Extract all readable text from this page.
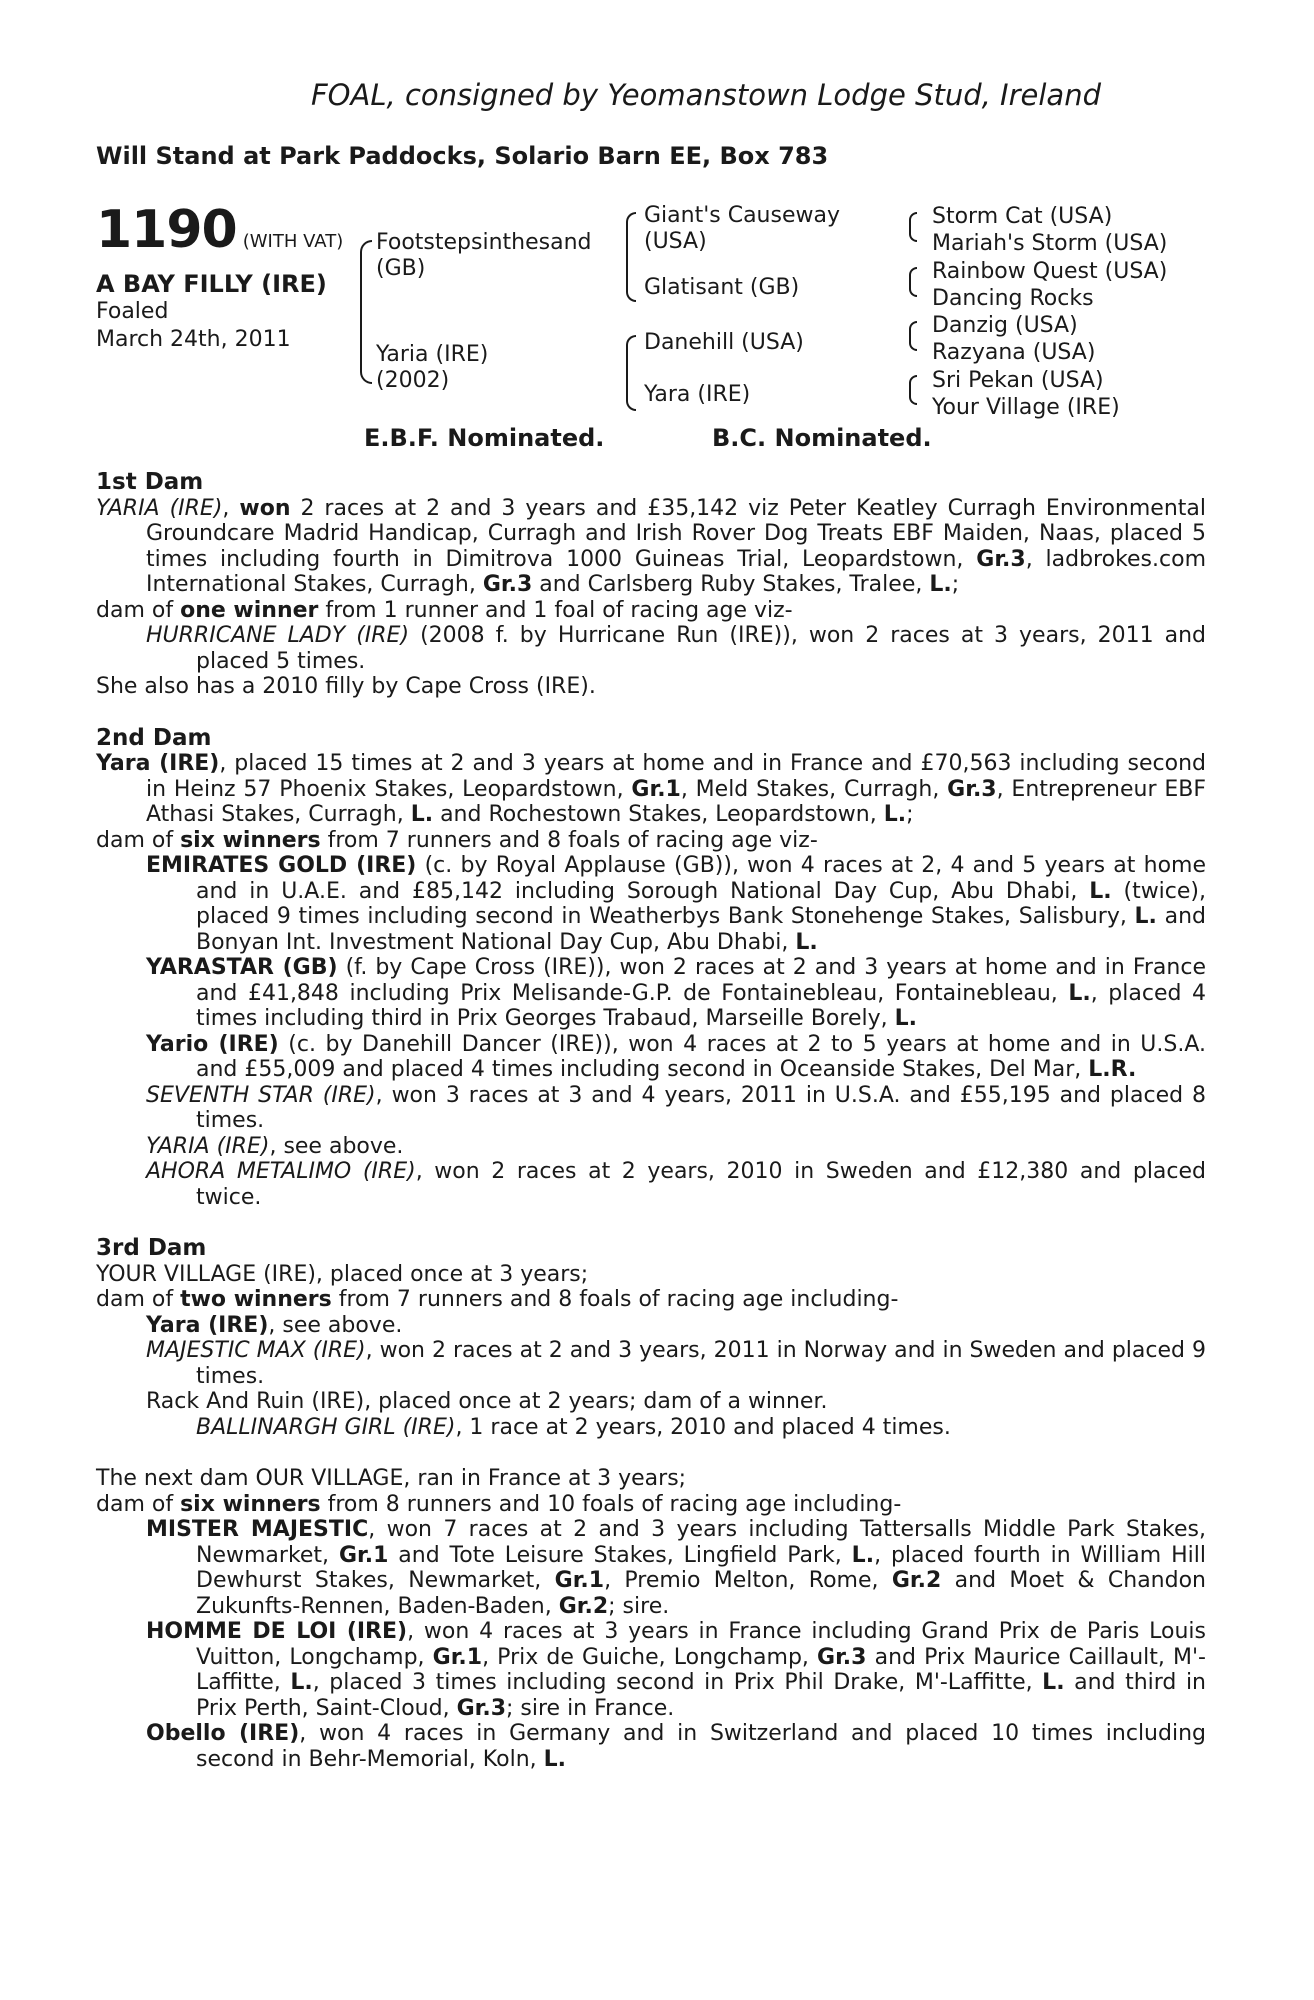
FOAL, consigned by Yeomanstown Lodge Stud, Ireland
Will Stand at Park Paddocks, Solario Barn EE, Box 783
1190 (WITH VAT)
A BAY FILLY (IRE)
Foaled
March 24th, 2011
Footstepsinthesand
(GB)
Yaria (IRE)
(2002)
Giant's Causeway
(USA)
Glatisant (GB)
Danehill (USA)
Yara (IRE)
Storm Cat (USA)
Mariah's Storm (USA)
Rainbow Quest (USA)
Dancing Rocks
Danzig (USA)
Razyana (USA)
Sri Pekan (USA)
Your Village (IRE)
E.B.F. Nominated.	B.C. Nominated.
1st Dam
YARIA (IRE), won 2 races at 2 and 3 years and £35,142 viz Peter Keatley Curragh Environmental Groundcare Madrid Handicap, Curragh and Irish Rover Dog Treats EBF Maiden, Naas, placed 5 times including fourth in Dimitrova 1000 Guineas Trial, Leopardstown, Gr.3, ladbrokes.com International Stakes, Curragh, Gr.3 and Carlsberg Ruby Stakes, Tralee, L.;
dam of one winner from 1 runner and 1 foal of racing age viz-
HURRICANE LADY (IRE) (2008 f. by Hurricane Run (IRE)), won 2 races at 3 years, 2011 and placed 5 times.
She also has a 2010 filly by Cape Cross (IRE).
2nd Dam
Yara (IRE), placed 15 times at 2 and 3 years at home and in France and £70,563 including second in Heinz 57 Phoenix Stakes, Leopardstown, Gr.1, Meld Stakes, Curragh, Gr.3, Entrepreneur EBF Athasi Stakes, Curragh, L. and Rochestown Stakes, Leopardstown, L.;
dam of six winners from 7 runners and 8 foals of racing age viz-
EMIRATES GOLD (IRE) (c. by Royal Applause (GB)), won 4 races at 2, 4 and 5 years at home and in U.A.E. and £85,142 including Sorough National Day Cup, Abu Dhabi, L. (twice), placed 9 times including second in Weatherbys Bank Stonehenge Stakes, Salisbury, L. and Bonyan Int. Investment National Day Cup, Abu Dhabi, L.
YARASTAR (GB) (f. by Cape Cross (IRE)), won 2 races at 2 and 3 years at home and in France and £41,848 including Prix Melisande-G.P. de Fontainebleau, Fontainebleau, L., placed 4 times including third in Prix Georges Trabaud, Marseille Borely, L.
Yario (IRE) (c. by Danehill Dancer (IRE)), won 4 races at 2 to 5 years at home and in U.S.A. and £55,009 and placed 4 times including second in Oceanside Stakes, Del Mar, L.R.
SEVENTH STAR (IRE), won 3 races at 3 and 4 years, 2011 in U.S.A. and £55,195 and placed 8 times.
YARIA (IRE), see above.
AHORA METALIMO (IRE), won 2 races at 2 years, 2010 in Sweden and £12,380 and placed twice.
3rd Dam
YOUR VILLAGE (IRE), placed once at 3 years;
dam of two winners from 7 runners and 8 foals of racing age including-
Yara (IRE), see above.
MAJESTIC MAX (IRE), won 2 races at 2 and 3 years, 2011 in Norway and in Sweden and placed 9 times.
Rack And Ruin (IRE), placed once at 2 years; dam of a winner.
BALLINARGH GIRL (IRE), 1 race at 2 years, 2010 and placed 4 times.
The next dam OUR VILLAGE, ran in France at 3 years;
dam of six winners from 8 runners and 10 foals of racing age including-
MISTER MAJESTIC, won 7 races at 2 and 3 years including Tattersalls Middle Park Stakes, Newmarket, Gr.1 and Tote Leisure Stakes, Lingfield Park, L., placed fourth in William Hill Dewhurst Stakes, Newmarket, Gr.1, Premio Melton, Rome, Gr.2 and Moet & Chandon Zukunfts-Rennen, Baden-Baden, Gr.2; sire.
HOMME DE LOI (IRE), won 4 races at 3 years in France including Grand Prix de Paris Louis Vuitton, Longchamp, Gr.1, Prix de Guiche, Longchamp, Gr.3 and Prix Maurice Caillault, M'-Laffitte, L., placed 3 times including second in Prix Phil Drake, M'-Laffitte, L. and third in Prix Perth, Saint-Cloud, Gr.3; sire in France.
Obello (IRE), won 4 races in Germany and in Switzerland and placed 10 times including second in Behr-Memorial, Koln, L.
